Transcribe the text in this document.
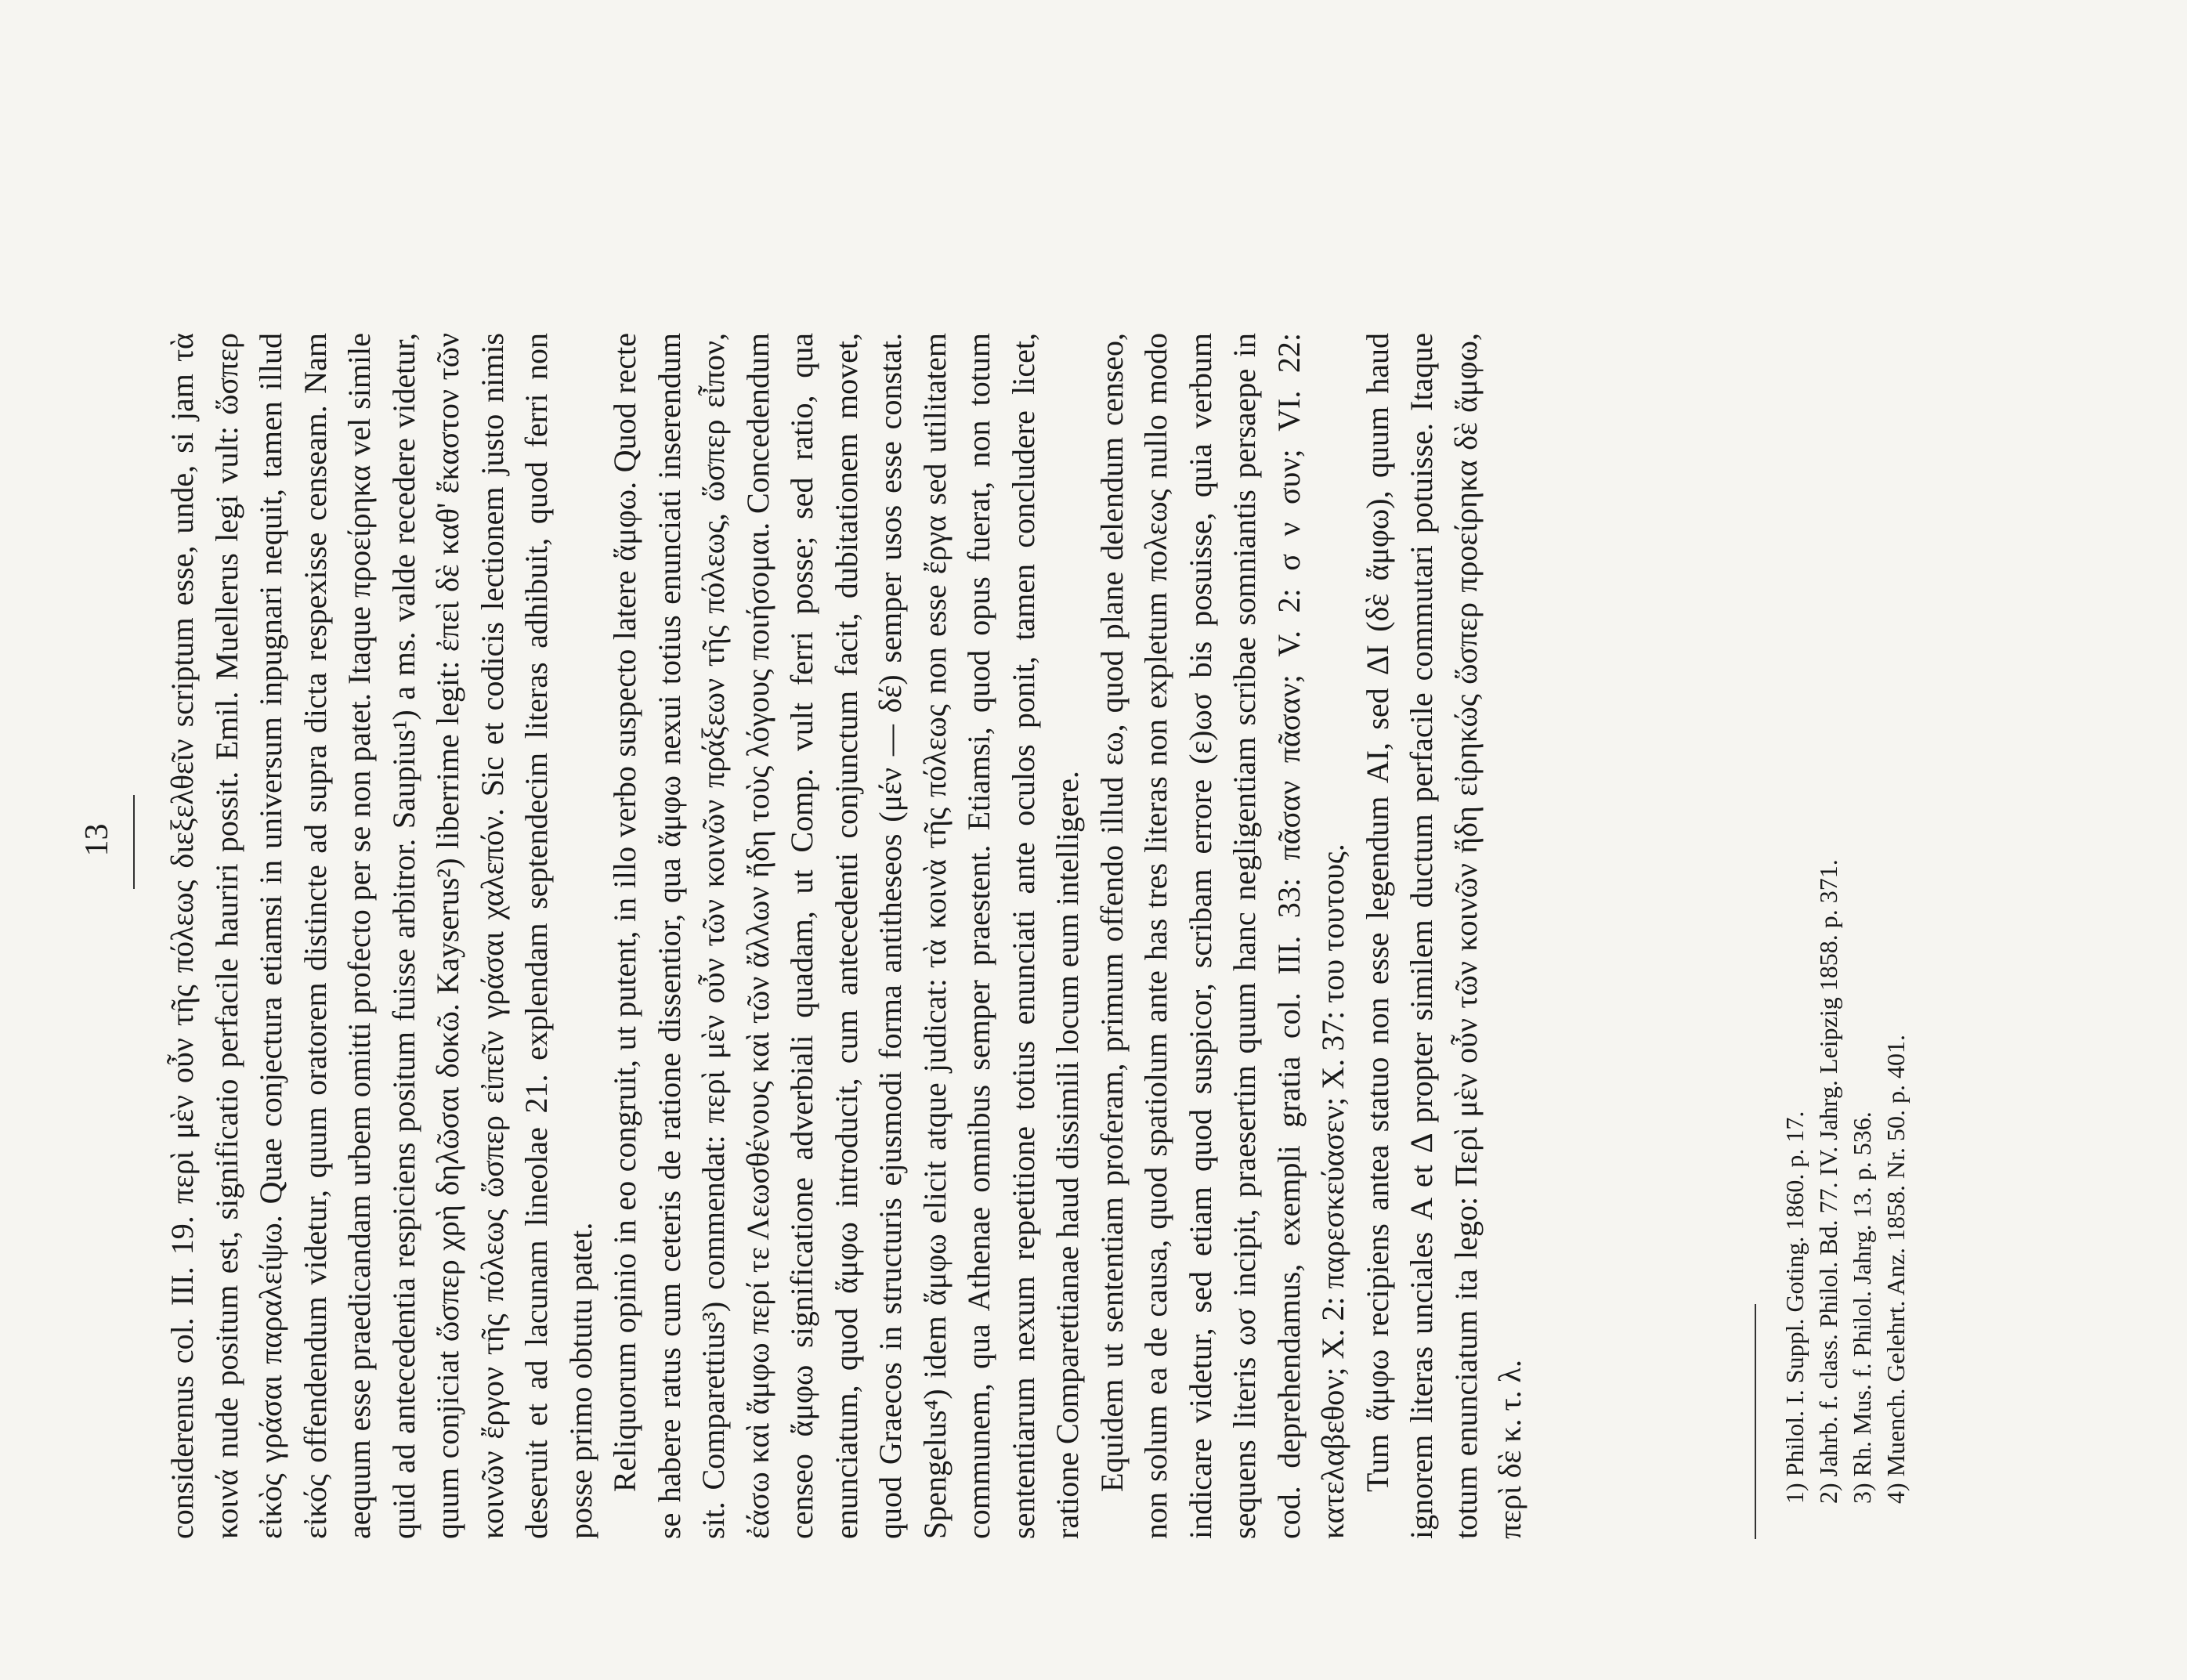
13 considerenus col. III. 19. περὶ μὲν οὖν τῆς πόλεως διεξελθεῖν scriptum esse, unde, si jam τὰ κοινά nude positum est, significatio perfacile hauriri possit. Emil. Muellerus legi vult: ὥσπερ εἰκὸς γράσαι παραλείψω. Quae conjectura etiamsi in universum inpugnari nequit, tamen illud εἰκός offendendum videtur, quum oratorem distincte ad supra dicta respexisse censeam. Nam aequum esse praedicandam urbem omitti profecto per se non patet. Itaque προείρηκα vel simile quid ad antecedentia respiciens positum fuisse arbitror. Saupius¹) a ms. valde recedere videtur, quum conjiciat ὥσπερ χρὴ δηλῶσαι δοκῶ. Kayserus²) liberrime legit: ἐπεὶ δὲ καθ' ἕκαστον τῶν κοινῶν ἔργον τῆς πόλεως ὥσπερ εἰπεῖν γράσαι χαλεπόν. Sic et codicis lectionem justo nimis deseruit et ad lacunam lineolae 21. explendam septendecim literas adhibuit, quod ferri non posse primo obtutu patet. Reliquorum opinio in eo congruit, ut putent, in illo verbo suspecto latere ἅμφω. Quod recte se habere ratus cum ceteris de ratione dissentior, qua ἅμφω nexui totius enunciati inserendum sit. Comparettius³) commendat: περὶ μὲν οὖν τῶν κοινῶν πράξεων τῆς πόλεως, ὥσπερ εἶπον, ἐάσω καὶ ἅμφω περί τε Λεωσθένους καὶ τῶν ἄλλων ἤδη τοὺς λόγους ποιήσομαι. Concedendum censeo ἅμφω significatione adverbiali quadam, ut Comp. vult ferri posse; sed ratio, qua enunciatum, quod ἅμφω introducit, cum antecedenti conjunctum facit, dubitationem movet, quod Graecos in structuris ejusmodi forma antitheseos (μέν — δέ) semper usos esse constat. Spengelus⁴) idem ἅμφω elicit atque judicat: τὰ κοινὰ τῆς πόλεως non esse ἔργα sed utilitatem communem, qua Athenae omnibus semper praestent. Etiamsi, quod opus fuerat, non totum sententiarum nexum repetitione totius enunciati ante oculos ponit, tamen concludere licet, ratione Comparettianae haud dissimili locum eum intelligere. Equidem ut sententiam proferam, primum offendo illud εω, quod plane delendum censeo, non solum ea de causa, quod spatiolum ante has tres literas non expletum πολεως nullo modo indicare videtur, sed etiam quod suspicor, scribam errore (ε)ωσ bis posuisse, quia verbum sequens literis ωσ incipit, praesertim quum hanc negligentiam scribae somniantis persaepe in cod. deprehendamus, exempli gratia col. III. 33: πᾶσαν πᾶσαν; V. 2: σ ν συν; VI. 22: κατελαβεθον; X. 2: παρεσκεύασεν; X. 37: του τουτους. Tum ἅμφω recipiens antea statuo non esse legendum ΑΙ, sed ΔΙ (δὲ ἅμφω), quum haud ignorem literas unciales Α et Δ propter similem ductum perfacile commutari potuisse. Itaque totum enunciatum ita lego: Περὶ μὲν οὖν τῶν κοινῶν ἤδη εἰρηκώς ὥσπερ προείρηκα δὲ ἅμφω, περὶ δὲ κ. τ. λ.	1) Philol. I. Suppl. Goting. 1860. p. 17. 2) Jahrb. f. class. Philol. Bd. 77. IV. Jahrg. Leipzig 1858. p. 371. 3) Rh. Mus. f. Philol. Jahrg. 13. p. 536. 4) Muench. Gelehrt. Anz. 1858. Nr. 50. p. 401.
